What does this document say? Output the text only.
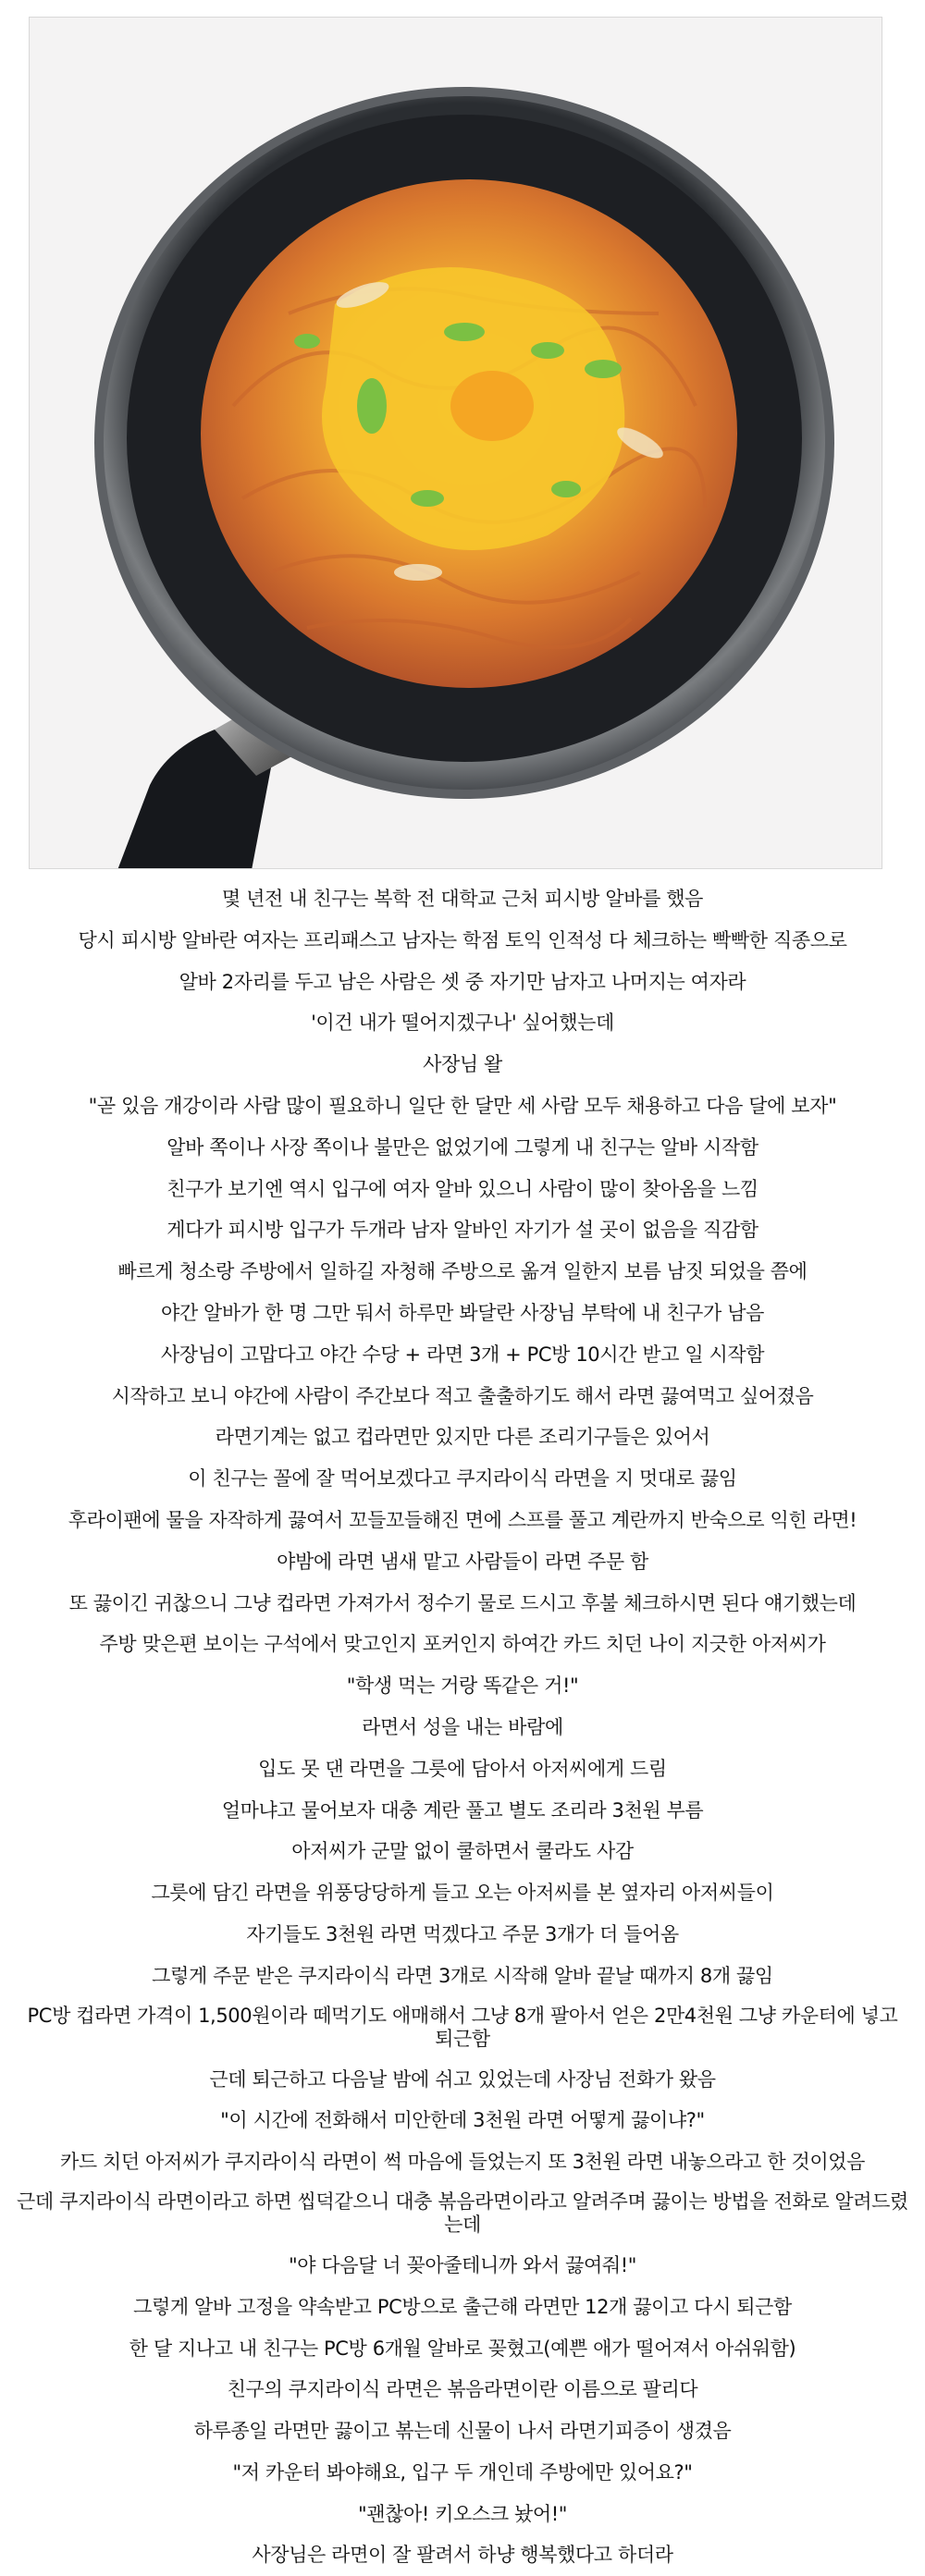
몇 년전 내 친구는 복학 전 대학교 근처 피시방 알바를 했음
당시 피시방 알바란 여자는 프리패스고 남자는 학점 토익 인적성 다 체크하는 빡빡한 직종으로
알바 2자리를 두고 남은 사람은 셋 중 자기만 남자고 나머지는 여자라
'이건 내가 떨어지겠구나' 싶어했는데
사장님 왈
"곧 있음 개강이라 사람 많이 필요하니 일단 한 달만 세 사람 모두 채용하고 다음 달에 보자"
알바 쪽이나 사장 쪽이나 불만은 없었기에 그렇게 내 친구는 알바 시작함
친구가 보기엔 역시 입구에 여자 알바 있으니 사람이 많이 찾아옴을 느낌
게다가 피시방 입구가 두개라 남자 알바인 자기가 설 곳이 없음을 직감함
빠르게 청소랑 주방에서 일하길 자청해 주방으로 옮겨 일한지 보름 남짓 되었을 쯤에
야간 알바가 한 명 그만 둬서 하루만 봐달란 사장님 부탁에 내 친구가 남음
사장님이 고맙다고 야간 수당 + 라면 3개 + PC방 10시간 받고 일 시작함
시작하고 보니 야간에 사람이 주간보다 적고 출출하기도 해서 라면 끓여먹고 싶어졌음
라면기계는 없고 컵라면만 있지만 다른 조리기구들은 있어서
이 친구는 꼴에 잘 먹어보겠다고 쿠지라이식 라면을 지 멋대로 끓임
후라이팬에 물을 자작하게 끓여서 꼬들꼬들해진 면에 스프를 풀고 계란까지 반숙으로 익힌 라면!
야밤에 라면 냄새 맡고 사람들이 라면 주문 함
또 끓이긴 귀찮으니 그냥 컵라면 가져가서 정수기 물로 드시고 후불 체크하시면 된다 얘기했는데
주방 맞은편 보이는 구석에서 맞고인지 포커인지 하여간 카드 치던 나이 지긋한 아저씨가
"학생 먹는 거랑 똑같은 거!"
라면서 성을 내는 바람에
입도 못 댄 라면을 그릇에 담아서 아저씨에게 드림
얼마냐고 물어보자 대충 계란 풀고 별도 조리라 3천원 부름
아저씨가 군말 없이 쿨하면서 쿨라도 사감
그릇에 담긴 라면을 위풍당당하게 들고 오는 아저씨를 본 옆자리 아저씨들이
자기들도 3천원 라면 먹겠다고 주문 3개가 더 들어옴
그렇게 주문 받은 쿠지라이식 라면 3개로 시작해 알바 끝날 때까지 8개 끓임
PC방 컵라면 가격이 1,500원이라 떼먹기도 애매해서 그냥 8개 팔아서 얻은 2만4천원 그냥 카운터에 넣고 퇴근함
근데 퇴근하고 다음날 밤에 쉬고 있었는데 사장님 전화가 왔음
"이 시간에 전화해서 미안한데 3천원 라면 어떻게 끓이냐?"
카드 치던 아저씨가 쿠지라이식 라면이 썩 마음에 들었는지 또 3천원 라면 내놓으라고 한 것이었음
근데 쿠지라이식 라면이라고 하면 씹덕같으니 대충 볶음라면이라고 알려주며 끓이는 방법을 전화로 알려드렸는데
"야 다음달 너 꽂아줄테니까 와서 끓여줘!"
그렇게 알바 고정을 약속받고 PC방으로 출근해 라면만 12개 끓이고 다시 퇴근함
한 달 지나고 내 친구는 PC방 6개월 알바로 꽂혔고(예쁜 애가 떨어져서 아쉬워함)
친구의 쿠지라이식 라면은 볶음라면이란 이름으로 팔리다
하루종일 라면만 끓이고 볶는데 신물이 나서 라면기피증이 생겼음
"저 카운터 봐야해요, 입구 두 개인데 주방에만 있어요?"
"괜찮아! 키오스크 놨어!"
사장님은 라면이 잘 팔려서 하냥 행복했다고 하더라
